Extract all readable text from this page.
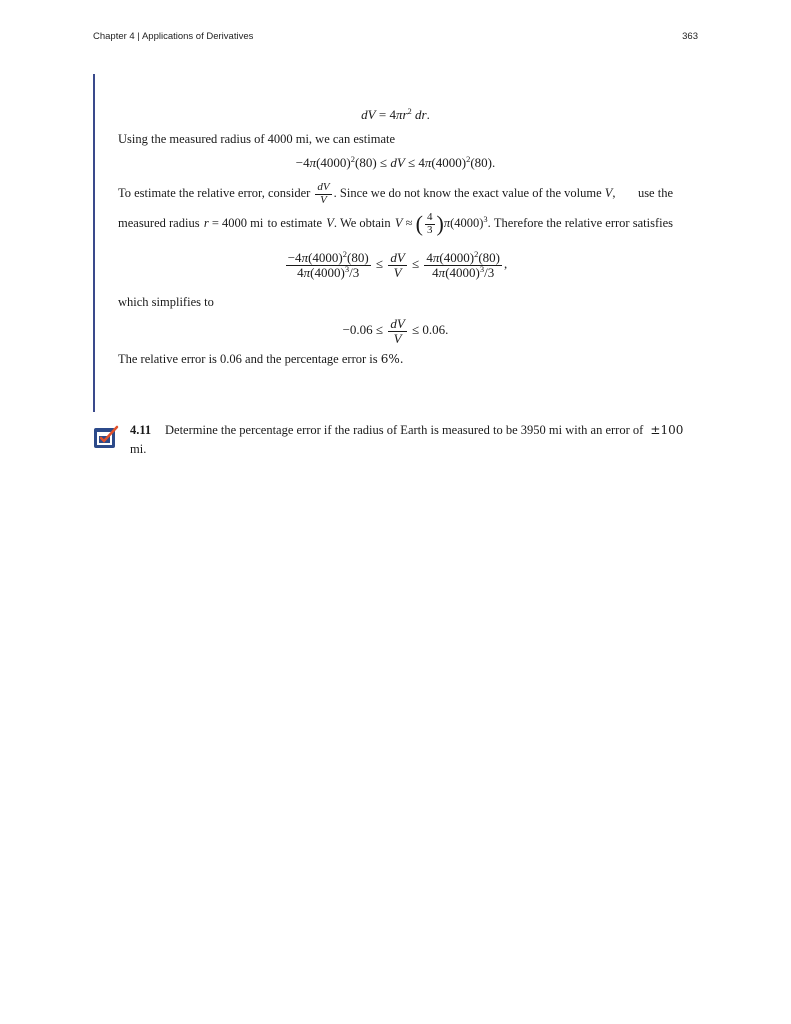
Chapter 4 | Applications of Derivatives	363
dV = $4\pi r^2$ dr.
Using the measured radius of 4000 mi, we can estimate
$-4\pi(4000)^2(80)$ ≤ dV ≤ $4\pi(4000)^2(80)$.
To estimate the relative error, consider $\frac{dV}{V}$ . Since we do not know the exact value of the volume V, use the
measured radius r = 4000 mi to estimate V. We obtain V ≈ ( $\frac{4}{3} )\pi(4000)^3$. Therefore the relative error satisfies
$\frac{-4\pi(4000)^2(80)}{4\pi(4000)^3/3} \le \frac{dV}{V} \le \frac{4\pi(4000)^2(80)}{4\pi(4000)^3/3}$ ,
which simplifies to
$-0.06 \le \frac{dV}{V} \le 0.06$.
The relative error is 0.06 and the percentage error is 6%.
4.11 Determine the percentage error if the radius of Earth is measured to be 3950 mi with an error of ±100
mi.
